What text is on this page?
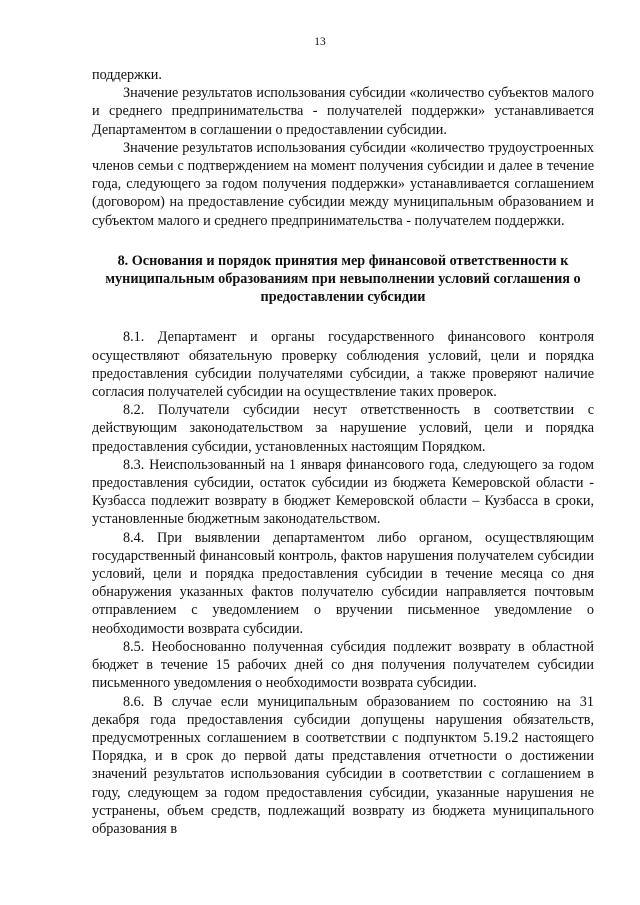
13

поддержки.

Значение результатов использования субсидии «количество субъектов малого и среднего предпринимательства - получателей поддержки» устанавливается Департаментом в соглашении о предоставлении субсидии.

Значение результатов использования субсидии «количество трудоустроенных членов семьи с подтверждением на момент получения субсидии и далее в течение года, следующего за годом получения поддержки» устанавливается соглашением (договором) на предоставление субсидии между муниципальным образованием и субъектом малого и среднего предпринимательства - получателем поддержки.

8. Основания и порядок принятия мер финансовой ответственности к муниципальным образованиям при невыполнении условий соглашения о предоставлении субсидии

8.1. Департамент и органы государственного финансового контроля осуществляют обязательную проверку соблюдения условий, цели и порядка предоставления субсидии получателями субсидии, а также проверяют наличие согласия получателей субсидии на осуществление таких проверок.

8.2. Получатели субсидии несут ответственность в соответствии с действующим законодательством за нарушение условий, цели и порядка предоставления субсидии, установленных настоящим Порядком.

8.3. Неиспользованный на 1 января финансового года, следующего за годом предоставления субсидии, остаток субсидии из бюджета Кемеровской области - Кузбасса подлежит возврату в бюджет Кемеровской области – Кузбасса в сроки, установленные бюджетным законодательством.

8.4. При выявлении департаментом либо органом, осуществляющим государственный финансовый контроль, фактов нарушения получателем субсидии условий, цели и порядка предоставления субсидии в течение месяца со дня обнаружения указанных фактов получателю субсидии направляется почтовым отправлением с уведомлением о вручении письменное уведомление о необходимости возврата субсидии.

8.5. Необоснованно полученная субсидия подлежит возврату в областной бюджет в течение 15 рабочих дней со дня получения получателем субсидии письменного уведомления о необходимости возврата субсидии.

8.6. В случае если муниципальным образованием по состоянию на 31 декабря года предоставления субсидии допущены нарушения обязательств, предусмотренных соглашением в соответствии с подпунктом 5.19.2 настоящего Порядка, и в срок до первой даты представления отчетности о достижении значений результатов использования субсидии в соответствии с соглашением в году, следующем за годом предоставления субсидии, указанные нарушения не устранены, объем средств, подлежащий возврату из бюджета муниципального образования в
